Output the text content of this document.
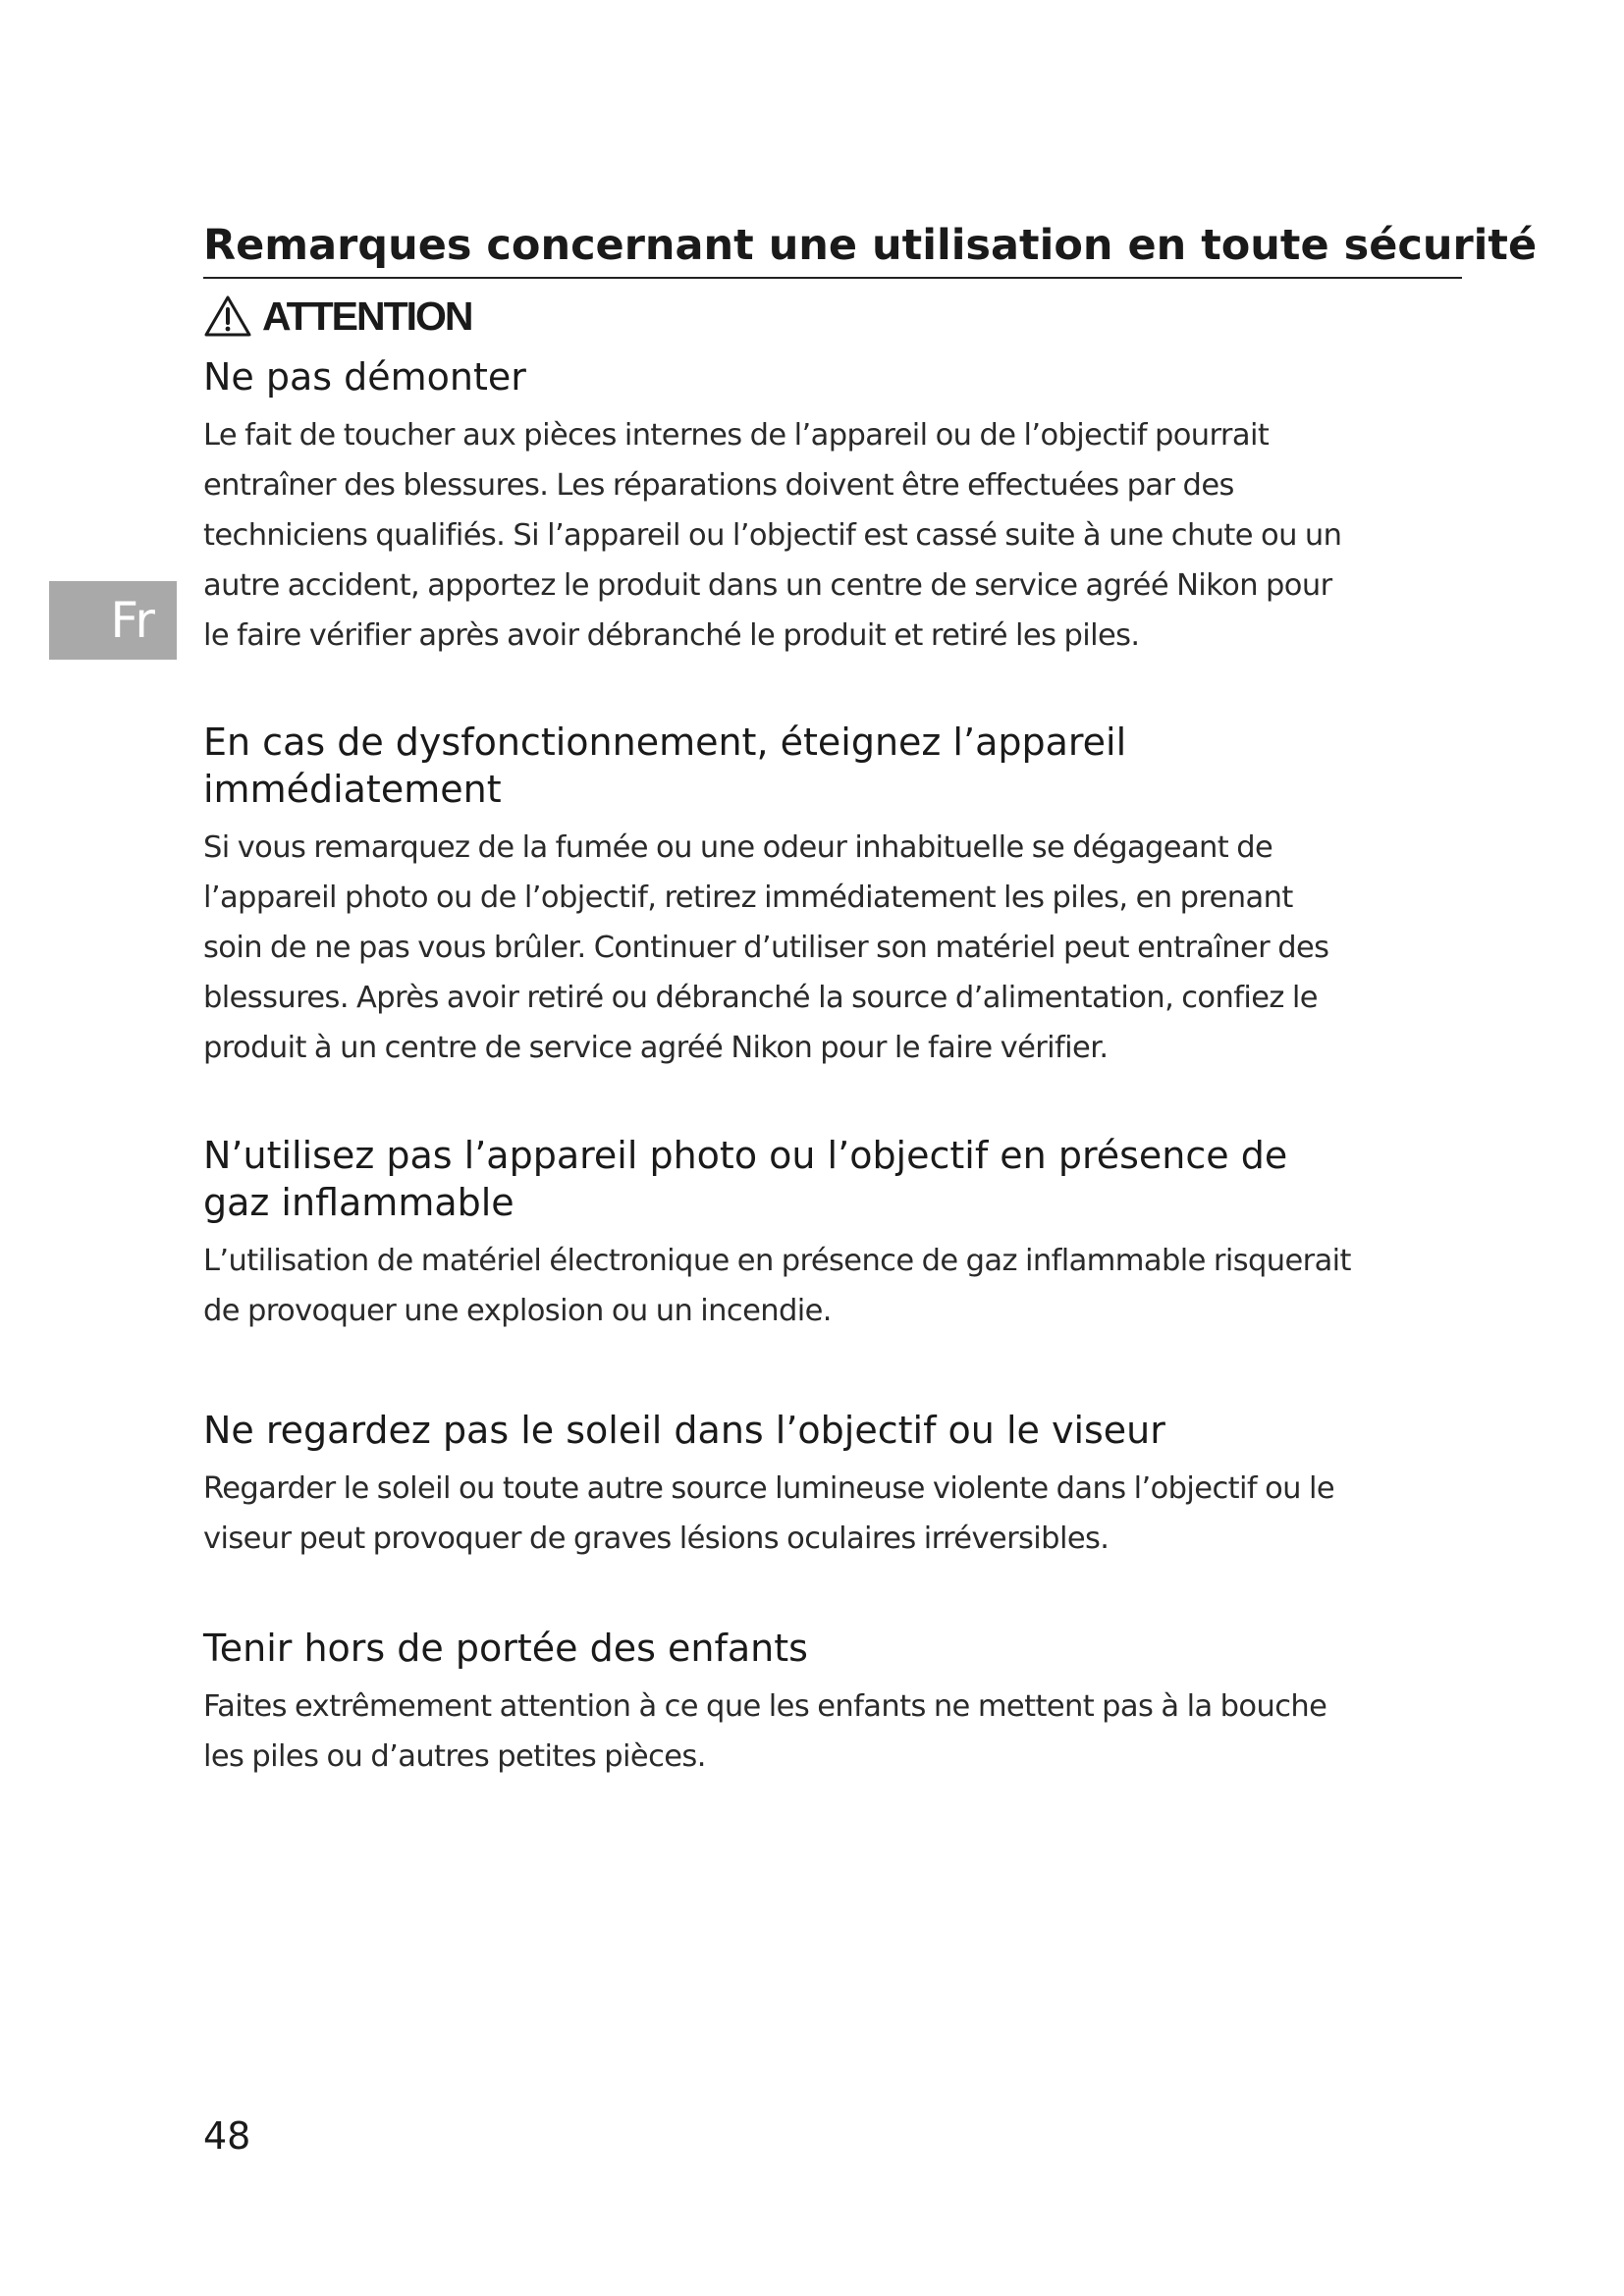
Remarques concernant une utilisation en toute sécurité
ATTENTION
Fr
Ne pas démonter

Le fait de toucher aux pièces internes de l’appareil ou de l’objectif pourrait
entraîner des blessures. Les réparations doivent être effectuées par des
techniciens qualifiés. Si l’appareil ou l’objectif est cassé suite à une chute ou un
autre accident, apportez le produit dans un centre de service agréé Nikon pour
le faire vérifier après avoir débranché le produit et retiré les piles.

En cas de dysfonctionnement, éteignez l’appareil
immédiatement

Si vous remarquez de la fumée ou une odeur inhabituelle se dégageant de
l’appareil photo ou de l’objectif, retirez immédiatement les piles, en prenant
soin de ne pas vous brûler. Continuer d’utiliser son matériel peut entraîner des
blessures. Après avoir retiré ou débranché la source d’alimentation, confiez le
produit à un centre de service agréé Nikon pour le faire vérifier.

N’utilisez pas l’appareil photo ou l’objectif en présence de
gaz inflammable

L’utilisation de matériel électronique en présence de gaz inflammable risquerait
de provoquer une explosion ou un incendie.

Ne regardez pas le soleil dans l’objectif ou le viseur

Regarder le soleil ou toute autre source lumineuse violente dans l’objectif ou le
viseur peut provoquer de graves lésions oculaires irréversibles.

Tenir hors de portée des enfants

Faites extrêmement attention à ce que les enfants ne mettent pas à la bouche
les piles ou d’autres petites pièces.

48
